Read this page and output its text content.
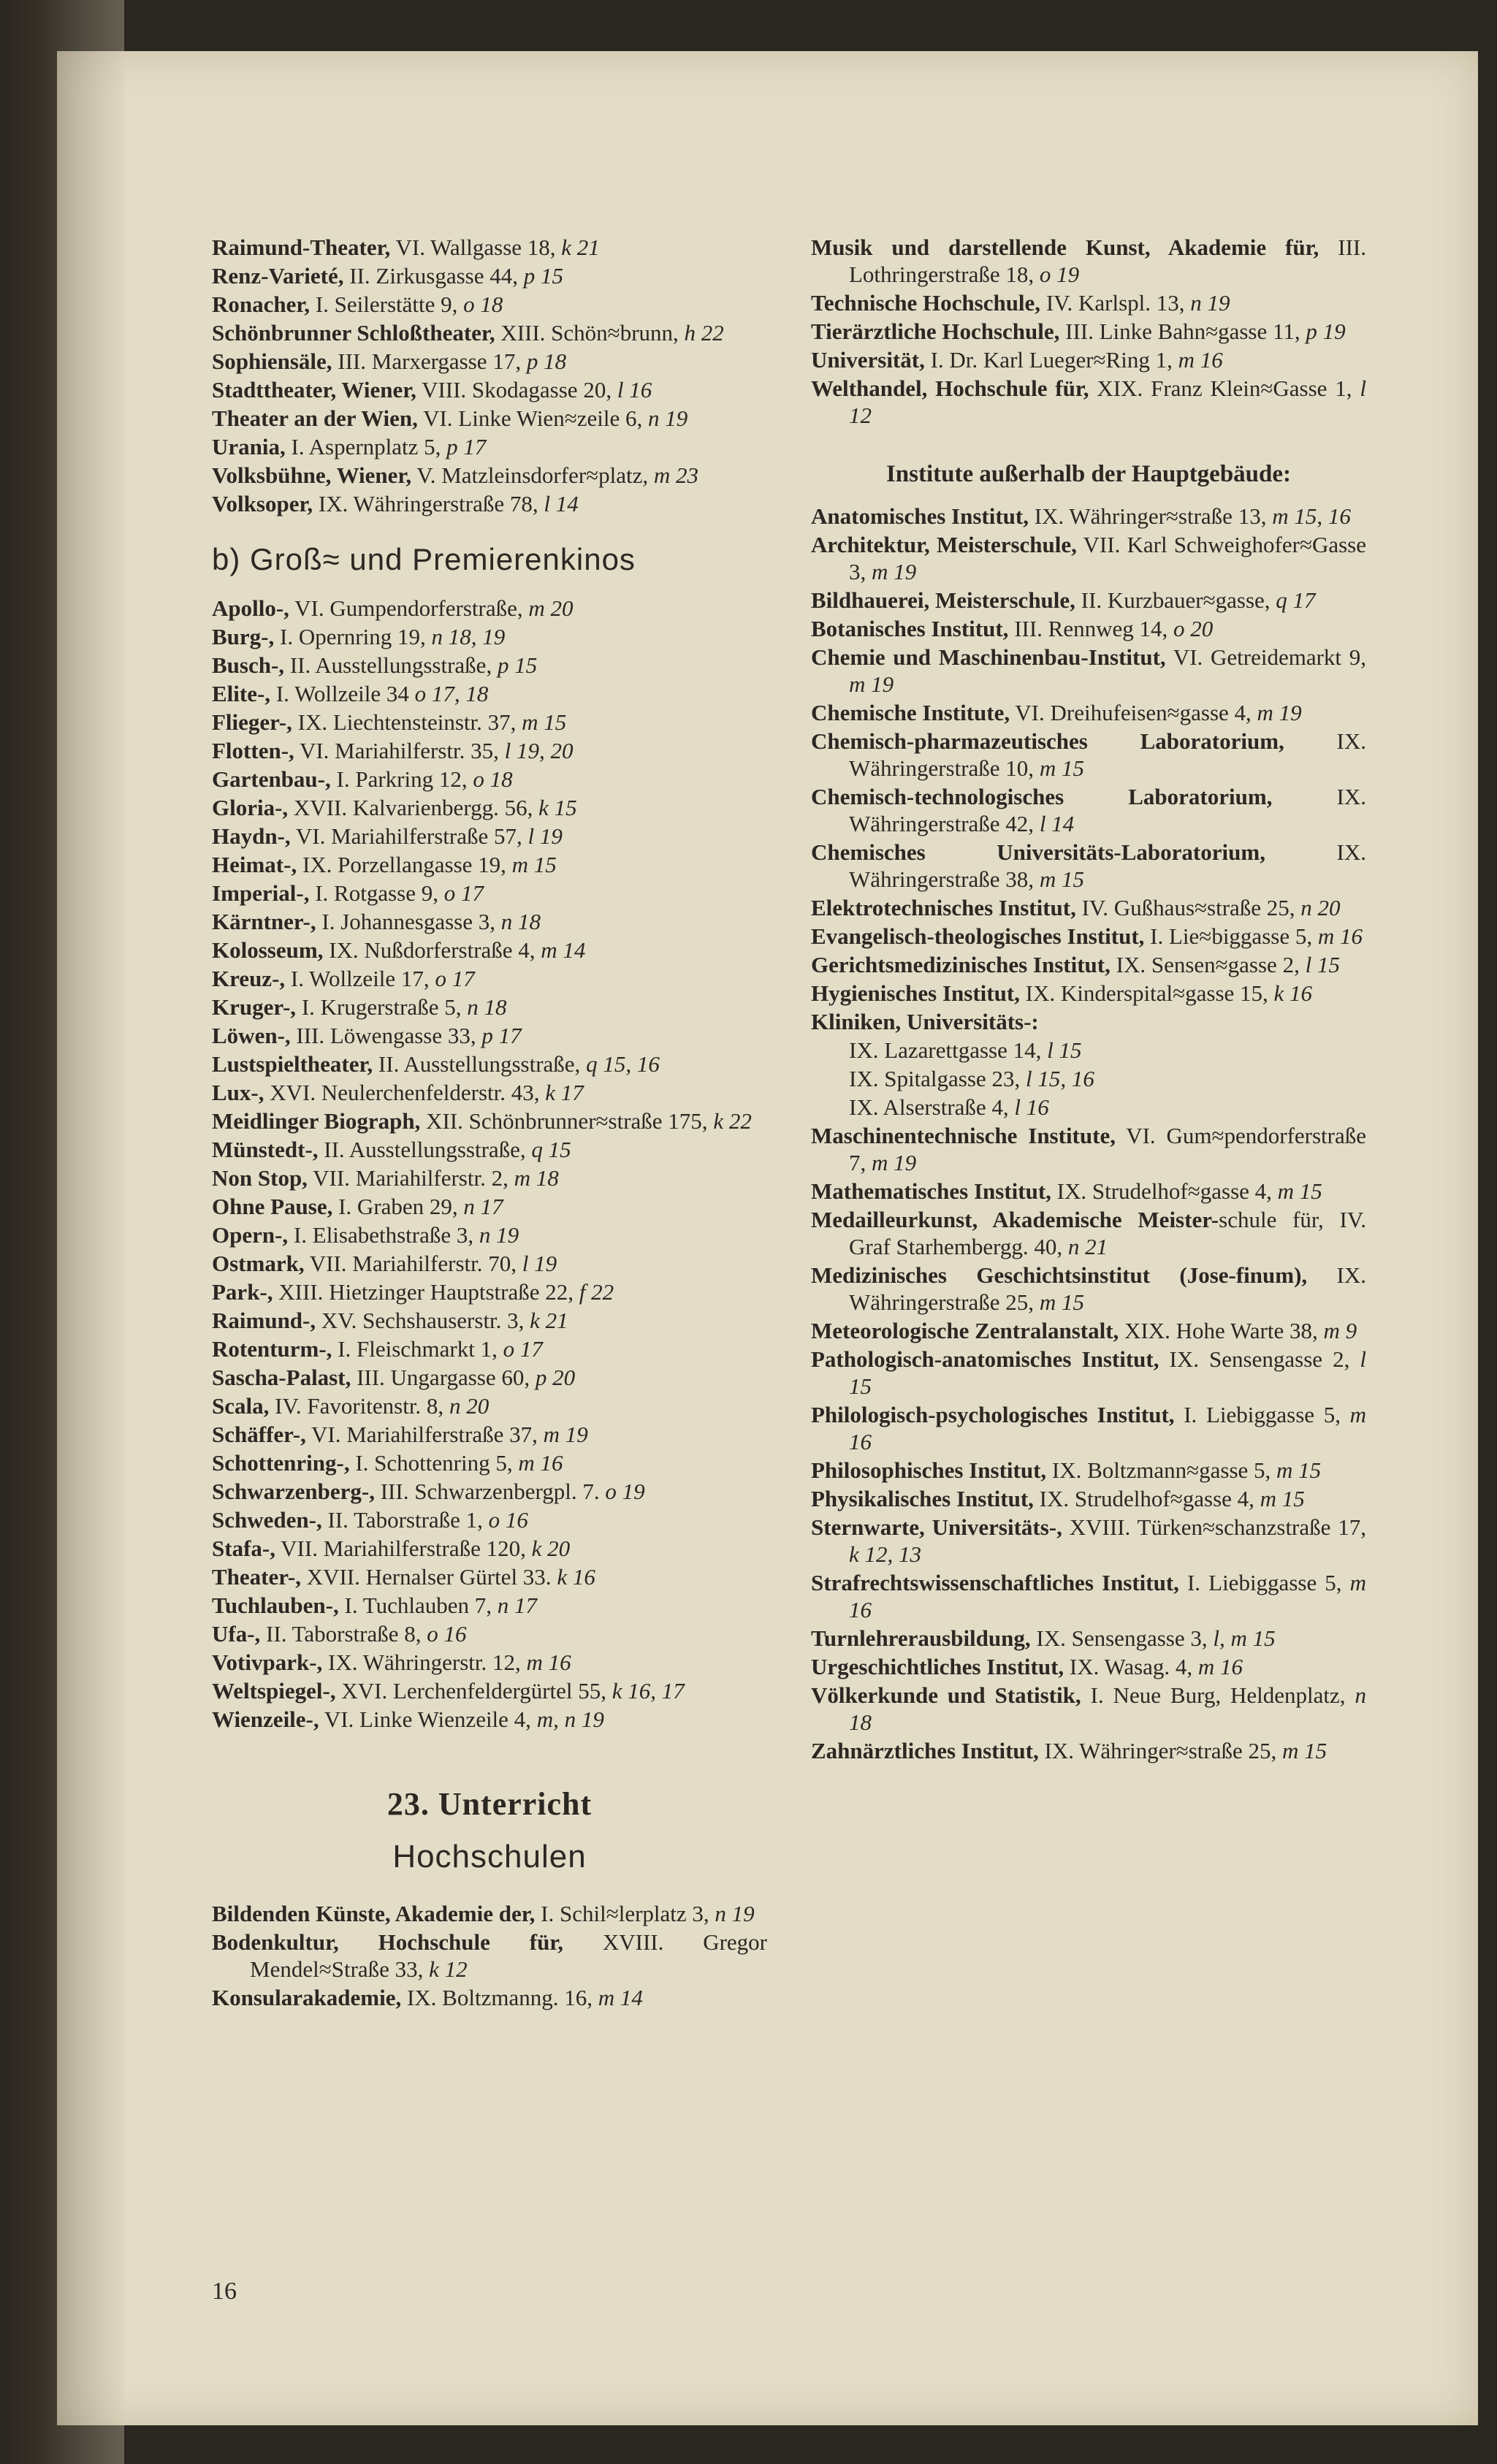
Raimund-Theater, VI. Wallgasse 18, k 21

Renz-Varieté, II. Zirkusgasse 44, p 15

Ronacher, I. Seilerstätte 9, o 18

Schönbrunner Schloßtheater, XIII. Schön≈brunn, h 22

Sophiensäle, III. Marxergasse 17, p 18

Stadttheater, Wiener, VIII. Skodagasse 20, l 16

Theater an der Wien, VI. Linke Wien≈zeile 6, n 19

Urania, I. Aspernplatz 5, p 17

Volksbühne, Wiener, V. Matzleinsdorfer≈platz, m 23

Volksoper, IX. Währingerstraße 78, l 14

b) Groß≈ und Premierenkinos

Apollo-, VI. Gumpendorferstraße, m 20

Burg-, I. Opernring 19, n 18, 19

Busch-, II. Ausstellungsstraße, p 15

Elite-, I. Wollzeile 34 o 17, 18

Flieger-, IX. Liechtensteinstr. 37, m 15

Flotten-, VI. Mariahilferstr. 35, l 19, 20

Gartenbau-, I. Parkring 12, o 18

Gloria-, XVII. Kalvarienbergg. 56, k 15

Haydn-, VI. Mariahilferstraße 57, l 19

Heimat-, IX. Porzellangasse 19, m 15

Imperial-, I. Rotgasse 9, o 17

Kärntner-, I. Johannesgasse 3, n 18

Kolosseum, IX. Nußdorferstraße 4, m 14

Kreuz-, I. Wollzeile 17, o 17

Kruger-, I. Krugerstraße 5, n 18

Löwen-, III. Löwengasse 33, p 17

Lustspieltheater, II. Ausstellungsstraße, q 15, 16

Lux-, XVI. Neulerchenfelderstr. 43, k 17

Meidlinger Biograph, XII. Schönbrunner≈straße 175, k 22

Münstedt-, II. Ausstellungsstraße, q 15

Non Stop, VII. Mariahilferstr. 2, m 18

Ohne Pause, I. Graben 29, n 17

Opern-, I. Elisabethstraße 3, n 19

Ostmark, VII. Mariahilferstr. 70, l 19

Park-, XIII. Hietzinger Hauptstraße 22, f 22

Raimund-, XV. Sechshauserstr. 3, k 21

Rotenturm-, I. Fleischmarkt 1, o 17

Sascha-Palast, III. Ungargasse 60, p 20

Scala, IV. Favoritenstr. 8, n 20

Schäffer-, VI. Mariahilferstraße 37, m 19

Schottenring-, I. Schottenring 5, m 16

Schwarzenberg-, III. Schwarzenbergpl. 7. o 19

Schweden-, II. Taborstraße 1, o 16

Stafa-, VII. Mariahilferstraße 120, k 20

Theater-, XVII. Hernalser Gürtel 33. k 16

Tuchlauben-, I. Tuchlauben 7, n 17

Ufa-, II. Taborstraße 8, o 16

Votivpark-, IX. Währingerstr. 12, m 16

Weltspiegel-, XVI. Lerchenfeldergürtel 55, k 16, 17

Wienzeile-, VI. Linke Wienzeile 4, m, n 19

23. Unterricht
Hochschulen

Bildenden Künste, Akademie der, I. Schil≈lerplatz 3, n 19

Bodenkultur, Hochschule für, XVIII. Gregor Mendel≈Straße 33, k 12

Konsularakademie, IX. Boltzmanng. 16, m 14

Musik und darstellende Kunst, Akademie für, III. Lothringerstraße 18, o 19

Technische Hochschule, IV. Karlspl. 13, n 19

Tierärztliche Hochschule, III. Linke Bahn≈gasse 11, p 19

Universität, I. Dr. Karl Lueger≈Ring 1, m 16

Welthandel, Hochschule für, XIX. Franz Klein≈Gasse 1, l 12

Institute außerhalb der Hauptgebäude:

Anatomisches Institut, IX. Währinger≈straße 13, m 15, 16

Architektur, Meisterschule, VII. Karl Schweighofer≈Gasse 3, m 19

Bildhauerei, Meisterschule, II. Kurzbauer≈gasse, q 17

Botanisches Institut, III. Rennweg 14, o 20

Chemie und Maschinenbau-Institut, VI. Getreidemarkt 9, m 19

Chemische Institute, VI. Dreihufeisen≈gasse 4, m 19

Chemisch-pharmazeutisches Laboratorium, IX. Währingerstraße 10, m 15

Chemisch-technologisches Laboratorium, IX. Währingerstraße 42, l 14

Chemisches Universitäts-Laboratorium, IX. Währingerstraße 38, m 15

Elektrotechnisches Institut, IV. Gußhaus≈straße 25, n 20

Evangelisch-theologisches Institut, I. Lie≈biggasse 5, m 16

Gerichtsmedizinisches Institut, IX. Sensen≈gasse 2, l 15

Hygienisches Institut, IX. Kinderspital≈gasse 15, k 16

Kliniken, Universitäts-:

IX. Lazarettgasse 14, l 15

IX. Spitalgasse 23, l 15, 16

IX. Alserstraße 4, l 16

Maschinentechnische Institute, VI. Gum≈pendorferstraße 7, m 19

Mathematisches Institut, IX. Strudelhof≈gasse 4, m 15

Medailleurkunst, Akademische Meister-schule für, IV. Graf Starhembergg. 40, n 21

Medizinisches Geschichtsinstitut (Jose-finum), IX. Währingerstraße 25, m 15

Meteorologische Zentralanstalt, XIX. Hohe Warte 38, m 9

Pathologisch-anatomisches Institut, IX. Sensengasse 2, l 15

Philologisch-psychologisches Institut, I. Liebiggasse 5, m 16

Philosophisches Institut, IX. Boltzmann≈gasse 5, m 15

Physikalisches Institut, IX. Strudelhof≈gasse 4, m 15

Sternwarte, Universitäts-, XVIII. Türken≈schanzstraße 17, k 12, 13

Strafrechtswissenschaftliches Institut, I. Liebiggasse 5, m 16

Turnlehrerausbildung, IX. Sensengasse 3, l, m 15

Urgeschichtliches Institut, IX. Wasag. 4, m 16

Völkerkunde und Statistik, I. Neue Burg, Heldenplatz, n 18

Zahnärztliches Institut, IX. Währinger≈straße 25, m 15

16
